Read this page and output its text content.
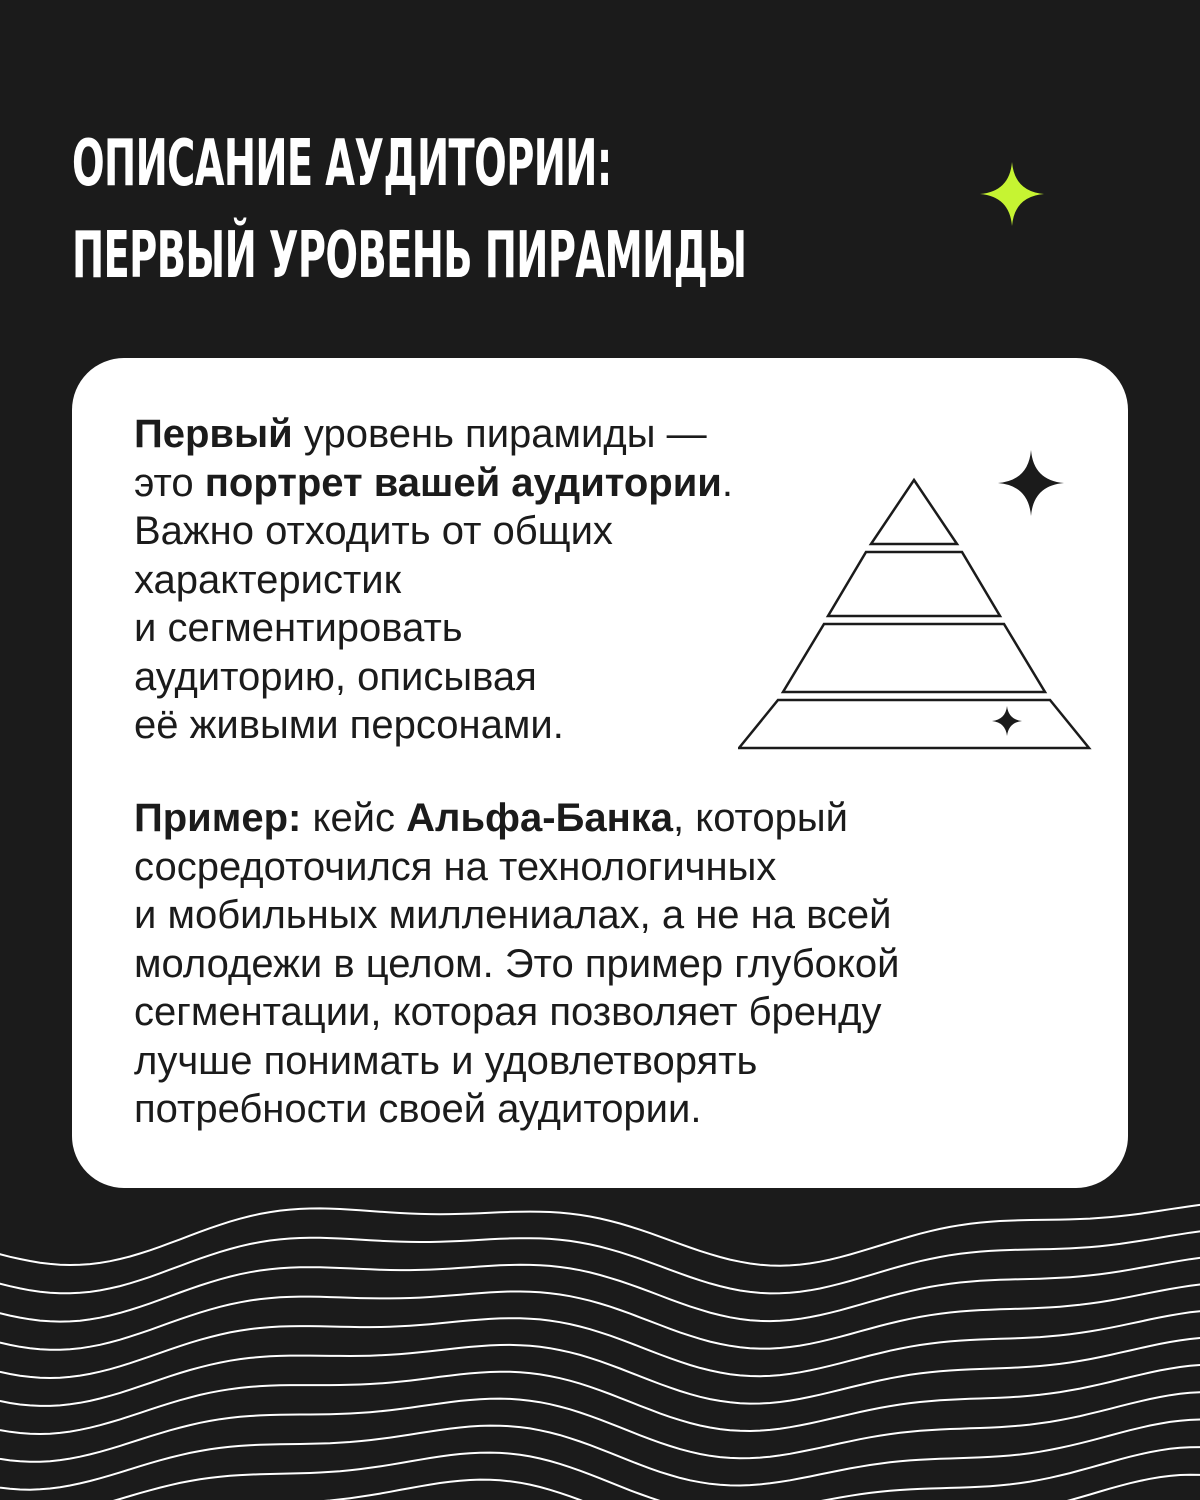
ОПИСАНИЕ АУДИТОРИИ:
ПЕРВЫЙ УРОВЕНЬ ПИРАМИДЫ

Первый уровень пирамиды —
это портрет вашей аудитории.
Важно отходить от общих
характеристик
и сегментировать
аудиторию, описывая
её живыми персонами.

Пример: кейс Альфа-Банка, который
сосредоточился на технологичных
и мобильных миллениалах, а не на всей
молодежи в целом. Это пример глубокой
сегментации, которая позволяет бренду
лучше понимать и удовлетворять
потребности своей аудитории.
